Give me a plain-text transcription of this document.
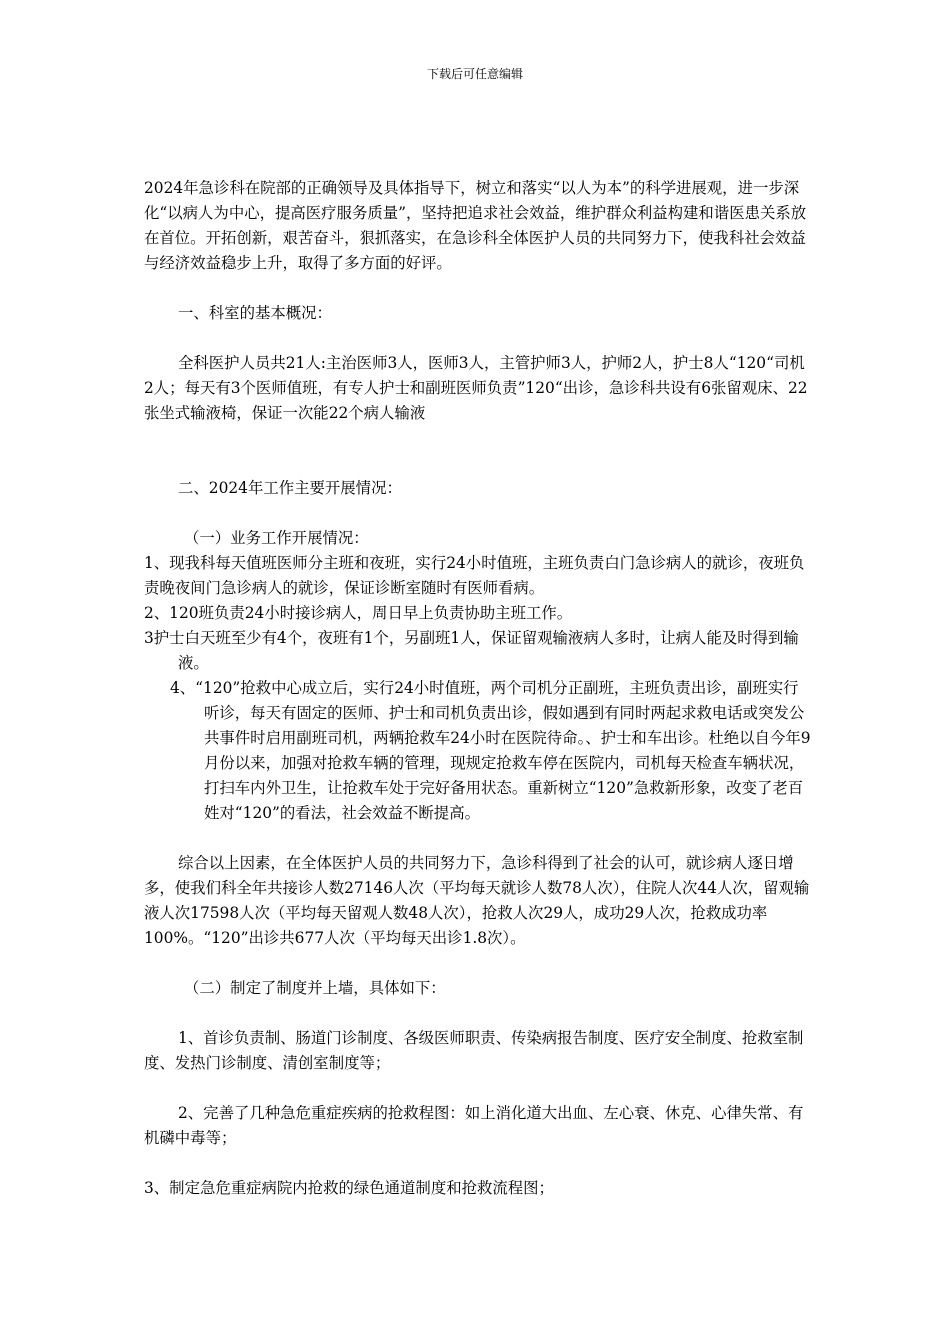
下载后可任意编辑

2024年急诊科在院部的正确领导及具体指导下，树立和落实“以人为本”的科学进展观，进一步深化“以病人为中心，提高医疗服务质量”，坚持把追求社会效益，维护群众利益构建和谐医患关系放在首位。开拓创新，艰苦奋斗，狠抓落实，在急诊科全体医护人员的共同努力下，使我科社会效益与经济效益稳步上升，取得了多方面的好评。

一、科室的基本概况：

全科医护人员共21人:主治医师3人，医师3人，主管护师3人，护师2人，护士8人“120“司机2人；每天有3个医师值班，有专人护士和副班医师负责”120“出诊，急诊科共设有6张留观床、22张坐式输液椅，保证一次能22个病人输液

二、2024年工作主要开展情况：

（一）业务工作开展情况：

1、现我科每天值班医师分主班和夜班，实行24小时值班，主班负责白门急诊病人的就诊，夜班负责晚夜间门急诊病人的就诊，保证诊断室随时有医师看病。

2、120班负责24小时接诊病人，周日早上负责协助主班工作。

3护士白天班至少有4个，夜班有1个，另副班1人，保证留观输液病人多时，让病人能及时得到输液。

4、“120”抢救中心成立后，实行24小时值班，两个司机分正副班，主班负责出诊，副班实行听诊，每天有固定的医师、护士和司机负责出诊，假如遇到有同时两起求救电话或突发公共事件时启用副班司机，两辆抢救车24小时在医院待命。、护士和车出诊。杜绝以自今年9月份以来，加强对抢救车辆的管理，现规定抢救车停在医院内，司机每天检查车辆状况，打扫车内外卫生，让抢救车处于完好备用状态。重新树立“120”急救新形象，改变了老百姓对“120”的看法，社会效益不断提高。

综合以上因素，在全体医护人员的共同努力下，急诊科得到了社会的认可，就诊病人逐日增多，使我们科全年共接诊人数27146人次（平均每天就诊人数78人次），住院人次44人次，留观输液人次17598人次（平均每天留观人数48人次），抢救人次29人，成功29人次，抢救成功率100%。“120”出诊共677人次（平均每天出诊1.8次）。

（二）制定了制度并上墙，具体如下：

1、首诊负责制、肠道门诊制度、各级医师职责、传染病报告制度、医疗安全制度、抢救室制度、发热门诊制度、清创室制度等；

2、完善了几种急危重症疾病的抢救程图：如上消化道大出血、左心衰、休克、心律失常、有机磷中毒等；

3、制定急危重症病院内抢救的绿色通道制度和抢救流程图；
